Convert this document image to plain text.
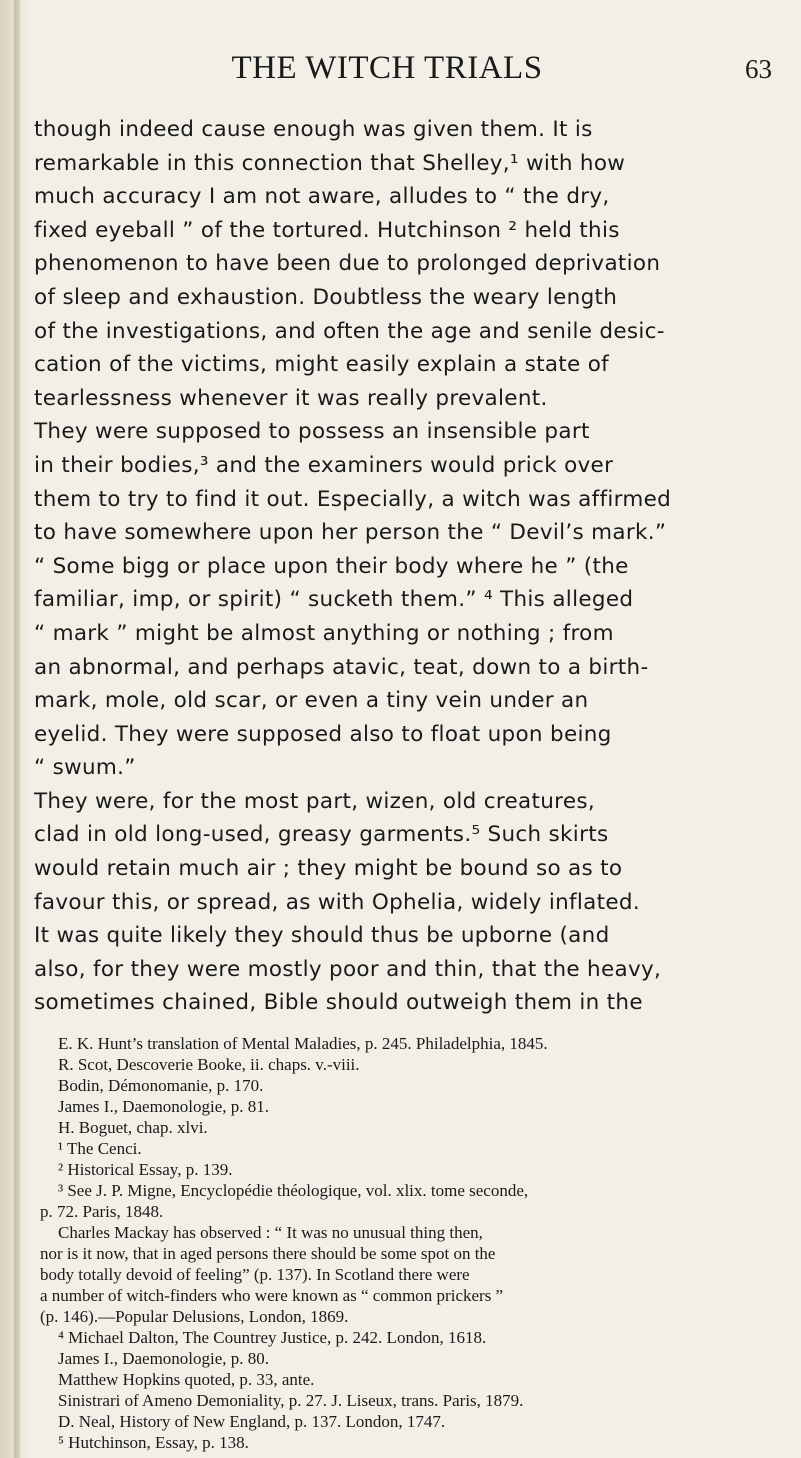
THE WITCH TRIALS	63
though indeed cause enough was given them. It is
remarkable in this connection that Shelley,¹ with how
much accuracy I am not aware, alludes to “ the dry,
fixed eyeball ” of the tortured. Hutchinson ² held this
phenomenon to have been due to prolonged deprivation
of sleep and exhaustion. Doubtless the weary length
of the investigations, and often the age and senile desic-
cation of the victims, might easily explain a state of
tearlessness whenever it was really prevalent.
They were supposed to possess an insensible part
in their bodies,³ and the examiners would prick over
them to try to find it out. Especially, a witch was affirmed
to have somewhere upon her person the “ Devil’s mark.”
“ Some bigg or place upon their body where he ” (the
familiar, imp, or spirit) “ sucketh them.” ⁴ This alleged
“ mark ” might be almost anything or nothing ; from
an abnormal, and perhaps atavic, teat, down to a birth-
mark, mole, old scar, or even a tiny vein under an
eyelid. They were supposed also to float upon being
“ swum.”
They were, for the most part, wizen, old creatures,
clad in old long-used, greasy garments.⁵ Such skirts
would retain much air ; they might be bound so as to
favour this, or spread, as with Ophelia, widely inflated.
It was quite likely they should thus be upborne (and
also, for they were mostly poor and thin, that the heavy,
sometimes chained, Bible should outweigh them in the
E. K. Hunt’s translation of Mental Maladies, p. 245. Philadelphia, 1845.
R. Scot, Descoverie Booke, ii. chaps. v.-viii.
Bodin, Démonomanie, p. 170.
James I., Daemonologie, p. 81.
H. Boguet, chap. xlvi.
¹ The Cenci.
² Historical Essay, p. 139.
³ See J. P. Migne, Encyclopédie théologique, vol. xlix. tome seconde,
p. 72. Paris, 1848.
Charles Mackay has observed : “ It was no unusual thing then,
nor is it now, that in aged persons there should be some spot on the
body totally devoid of feeling” (p. 137). In Scotland there were
a number of witch-finders who were known as “ common prickers ”
(p. 146).—Popular Delusions, London, 1869.
⁴ Michael Dalton, The Countrey Justice, p. 242. London, 1618.
James I., Daemonologie, p. 80.
Matthew Hopkins quoted, p. 33, ante.
Sinistrari of Ameno Demoniality, p. 27. J. Liseux, trans. Paris, 1879.
D. Neal, History of New England, p. 137. London, 1747.
⁵ Hutchinson, Essay, p. 138.
